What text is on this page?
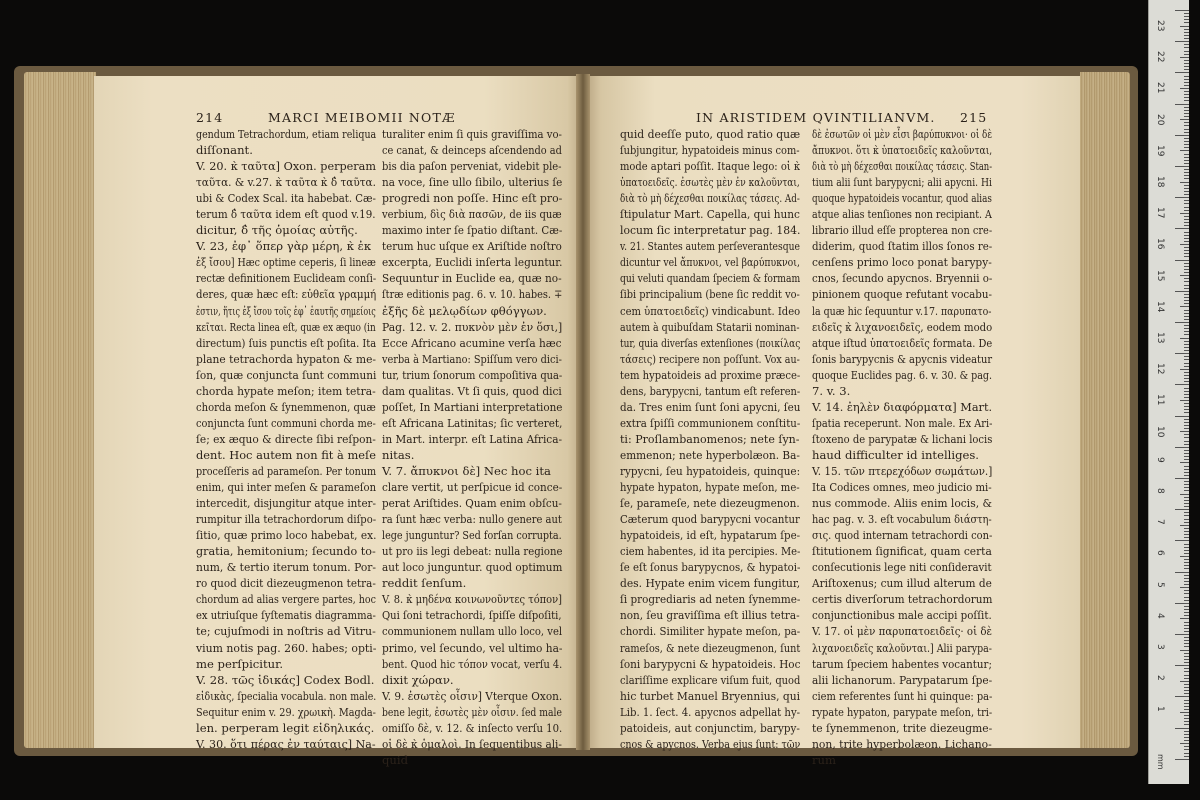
214	MARCI MEIBOMII NOTÆ	IN ARISTIDEM QVINTILIANVM. 215
gendum Tetrachordum, etiam reliqua
diſſonant.
V. 20. κ̀ ταῦτα] Oxon. perperam
ταῦτα. & v.27. κ̀ ταῦτα κ̀ δ̓ ταῦτα.
ubi & Codex Scal. ita habebat. Cæ-
terum δ̓ ταῦτα idem eſt quod v.19.
dicitur, δ̓ τῆς ὁμοίας αὐτῆς.
V. 23, ἐφ᾽ ὅπερ γὰρ μέρη, κ̀ ἐκ
ἐξ ἴσου] Hæc optime ceperis, ſi lineæ
rectæ definitionem Euclideam conſi-
deres, quæ hæc eſt: εὐθεῖα γραμμή
ἐστιν, ἥτις ἐξ ἴσου τοῖς ἐφ᾽ ἑαυτῆς σημείοις
κεῖται. Recta linea eſt, quæ ex æquo (in
directum) ſuis punctis eſt poſita. Ita
plane tetrachorda hypaton & me-
ſon, quæ conjuncta ſunt communi
chorda hypate meſon; item tetra-
chorda meſon & ſynemmenon, quæ
conjuncta ſunt communi chorda me-
ſe; ex æquo & directe ſibi reſpon-
dent. Hoc autem non fit à meſe
proceſſeris ad parameſon. Per tonum
enim, qui inter meſen & parameſon
intercedit, disjungitur atque inter-
rumpitur illa tetrachordorum diſpo-
ſitio, quæ primo loco habebat, ex.
gratia, hemitonium; ſecundo to-
num, & tertio iterum tonum. Por-
ro quod dicit diezeugmenon tetra-
chordum ad alias vergere partes, hoc
ex utriuſque ſyſtematis diagramma-
te; cujuſmodi in noſtris ad Vitru-
vium notis pag. 260. habes; opti-
me perſpicitur.
V. 28. τῶς ἰδικάς] Codex Bodl.
εἰδικὰς, ſpecialia vocabula. non male.
Sequitur enim v. 29. χρωικὴ. Magda-
len. perperam legit εἰδηλικάς.
V. 30. ὅτι πέρας ἐν ταύταις] Na-
turaliter enim ſi quis graviſſima vo-
ce canat, & deinceps aſcendendo ad
bis dia paſon perveniat, videbit ple-
na voce, ſine ullo ſibilo, ulterius ſe
progredi non poſſe. Hinc eſt pro-
verbium, δὶς διὰ πασῶν, de iis quæ
maximo inter ſe ſpatio diſtant. Cæ-
terum huc uſque ex Ariſtide noſtro
excerpta, Euclidi inſerta leguntur.
Sequuntur in Euclide ea, quæ no-
ſtræ editionis pag. 6. v. 10. habes. ∓
ἐξῆς δὲ μελῳδίων φθόγγων.
Pag. 12. v. 2. πυκνὸν μὲν ἐν ὅσι,]
Ecce Africano acumine verſa hæc
verba à Martiano: Spiſſum vero dici-
tur, trium ſonorum compoſitiva qua-
dam qualitas. Vt ſi quis, quod dici
poſſet, In Martiani interpretatione
eſt Africana Latinitas; ſic verteret,
in Mart. interpr. eſt Latina Africa-
nitas.
V. 7. ἄπυκνοι δὲ] Nec hoc ita
clare vertit, ut perſpicue id conce-
perat Ariſtides. Quam enim obſcu-
ra ſunt hæc verba: nullo genere aut
lege junguntur? Sed forſan corrupta.
ut pro iis legi debeat: nulla regione
aut loco junguntur. quod optimum
reddit ſenſum.
V. 8. κ̀ μηδένα κοινωνοῦντες τόπον]
Qui ſoni tetrachordi, ſpiſſe diſpoſiti,
communionem nullam ullo loco, vel
primo, vel ſecundo, vel ultimo ha-
bent. Quod hic τόπον vocat, verſu 4.
dixit χώραν.
V. 9. ἐσωτὲς οἶσιν] Vterque Oxon.
bene legit, ἐσωτὲς μὲν οἶσιν. ſed male
omiſſo δὲ, v. 12. & inſecto verſu 10.
οἱ δὲ κ̀ ὁμαλοὶ. In ſequentibus ali-
quid
quid deeſſe puto, quod ratio quæ
ſubjungitur, hypatoideis minus com-
mode aptari poſſit. Itaque lego: οἱ κ̀
ὑπατοειδεῖς. ἐσωτὲς μὲν ἐν καλοῦνται,
διὰ τὸ μὴ δέχεσθαι ποικίλας τάσεις. Ad-
ſtipulatur Mart. Capella, qui hunc
locum ſic interpretatur pag. 184.
v. 21. Stantes autem perſeverantesque
dicuntur vel ἄπυκνοι, vel βαρύπυκνοι,
qui veluti quandam ſpeciem & formam
ſibi principalium (bene ſic reddit vo-
cem ὑπατοειδεῖς) vindicabunt. Ideo
autem à quibuſdam Statarii nominan-
tur, quia diverſas extenſiones (ποικίλας
τάσεις) recipere non poſſunt. Vox au-
tem hypatoideis ad proxime præce-
dens, barypycni, tantum eſt referen-
da. Tres enim ſunt ſoni apycni, ſeu
extra ſpiſſi communionem conſtitu-
ti: Proſlambanomenos; nete ſyn-
emmenon; nete hyperbolæon. Ba-
rypycni, ſeu hypatoideis, quinque:
hypate hypaton, hypate meſon, me-
ſe, parameſe, nete diezeugmenon.
Cæterum quod barypycni vocantur
hypatoideis, id eſt, hypatarum ſpe-
ciem habentes, id ita percipies. Me-
ſe eſt ſonus barypycnos, & hypatoi-
des. Hypate enim vicem fungitur,
ſi progrediaris ad neten ſynemme-
non, ſeu graviſſima eſt illius tetra-
chordi. Similiter hypate meſon, pa-
rameſos, & nete diezeugmenon, ſunt
ſoni barypycni & hypatoideis. Hoc
clariſſime explicare viſum fuit, quod
hic turbet Manuel Bryennius, qui
Lib. 1. ſect. 4. apycnos adpellat hy-
patoideis, aut conjunctim, barypy-
cnos & apycnos. Verba ejus ſunt: τῶν
δὲ ἐσωτῶν οἱ μὲν εἶσι βαρύπυκνοι· οἱ δὲ
ἄπυκνοι. ὅτι κ̀ ὑπατοειδεῖς καλοῦνται,
διὰ τὸ μὴ δέχεσθαι ποικίλας τάσεις. Stan-
tium alii ſunt barypycni; alii apycni. Hi
quoque hypatoideis vocantur, quod alias
atque alias tenſiones non recipiant. A
librario illud eſſe propterea non cre-
diderim, quod ſtatim illos ſonos re-
cenſens primo loco ponat barypy-
cnos, ſecundo apycnos. Bryennii o-
pinionem quoque refutant vocabu-
la quæ hic ſequuntur v.17. παρυπατο-
ειδεῖς κ̀ λιχανοειδεῖς, eodem modo
atque iſtud ὑπατοειδεῖς formata. De
ſonis barypycnis & apycnis videatur
quoque Euclides pag. 6. v. 30. & pag.
7. v. 3.
V. 14. ἐηλὲν διαφόρματα] Mart.
ſpatia receperunt. Non male. Ex Ari-
ſtoxeno de parypatæ & lichani locis
haud difficulter id intelliges.
V. 15. τῶν πτερεχόδων σωμάτων.]
Ita Codices omnes, meo judicio mi-
nus commode. Aliis enim locis, &
hac pag. v. 3. eſt vocabulum διάστη-
σις. quod internam tetrachordi con-
ſtitutionem ſignificat, quam certa
conſecutionis lege niti conſideravit
Ariſtoxenus; cum illud alterum de
certis diverſorum tetrachordorum
conjunctionibus male accipi poſſit.
V. 17. οἱ μὲν παρυπατοειδεῖς· οἱ δὲ
λιχανοειδεῖς καλοῦνται.] Alii parypa-
tarum ſpeciem habentes vocantur;
alii lichanorum. Parypatarum ſpe-
ciem referentes ſunt hi quinque: pa-
rypate hypaton, parypate meſon, tri-
te ſynemmenon, trite diezeugme-
non, trite hyperbolæon. Lichano-
rum
23
22
21
20
19
18
17
16
15
14
13
12
11
10
9
8
7
6
5
4
3
2
1
mm
